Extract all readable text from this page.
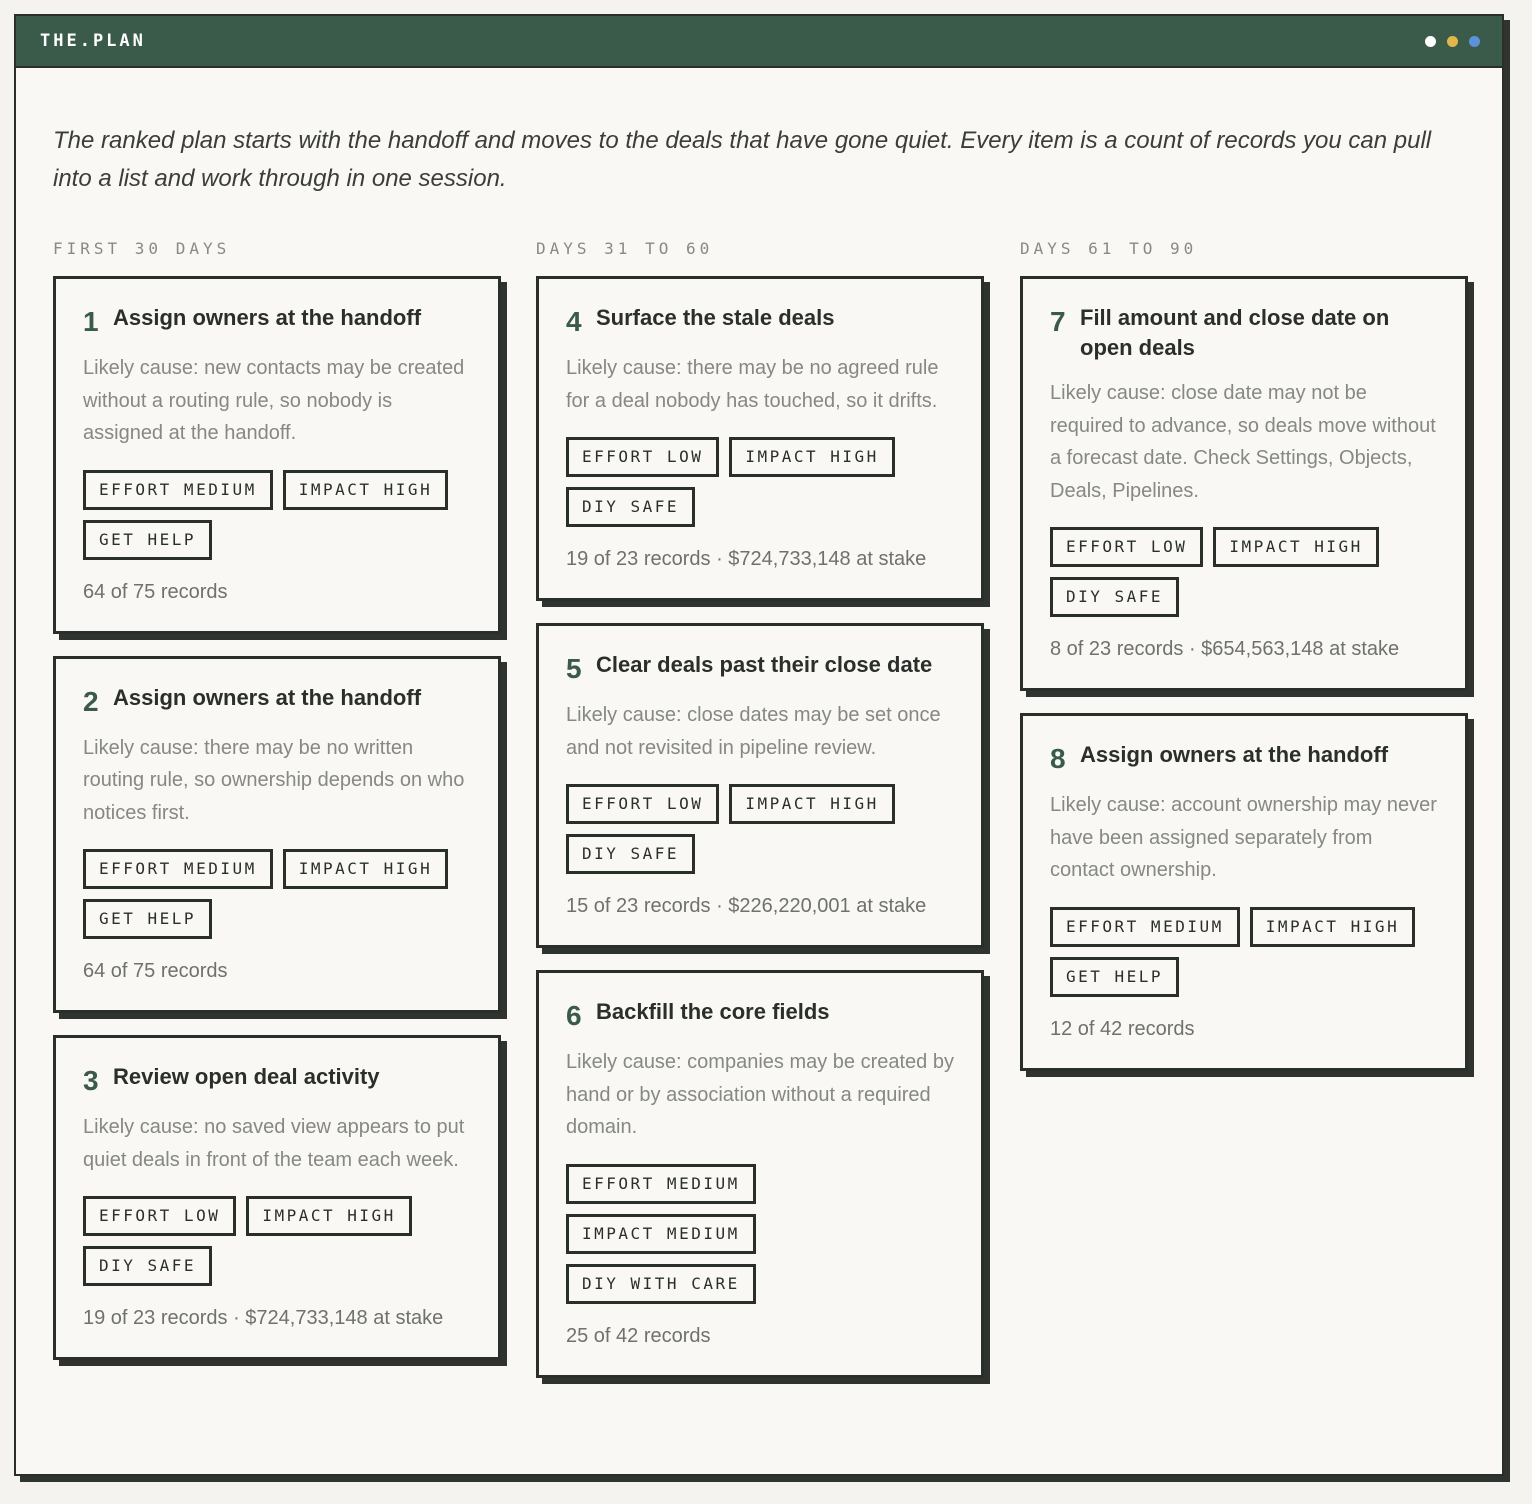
THE.PLAN
The ranked plan starts with the handoff and moves to the deals that have gone quiet. Every item is a count of records you can pull into a list and work through in one session.
FIRST 30 DAYS	DAYS 31 TO 60	DAYS 61 TO 90
1 Assign owners at the handoff
Likely cause: new contacts may be created without a routing rule, so nobody is assigned at the handoff.
EFFORT MEDIUM	IMPACT HIGH
GET HELP
64 of 75 records
2 Assign owners at the handoff
Likely cause: there may be no written routing rule, so ownership depends on who notices first.
EFFORT MEDIUM	IMPACT HIGH
GET HELP
64 of 75 records
3 Review open deal activity
Likely cause: no saved view appears to put quiet deals in front of the team each week.
EFFORT LOW	IMPACT HIGH
DIY SAFE
19 of 23 records · $724,733,148 at stake
4 Surface the stale deals
Likely cause: there may be no agreed rule for a deal nobody has touched, so it drifts.
EFFORT LOW	IMPACT HIGH
DIY SAFE
19 of 23 records · $724,733,148 at stake
5 Clear deals past their close date
Likely cause: close dates may be set once and not revisited in pipeline review.
EFFORT LOW	IMPACT HIGH
DIY SAFE
15 of 23 records · $226,220,001 at stake
6 Backfill the core fields
Likely cause: companies may be created by hand or by association without a required domain.
EFFORT MEDIUM
IMPACT MEDIUM
DIY WITH CARE
25 of 42 records
7 Fill amount and close date on open deals
Likely cause: close date may not be required to advance, so deals move without a forecast date. Check Settings, Objects, Deals, Pipelines.
EFFORT LOW	IMPACT HIGH
DIY SAFE
8 of 23 records · $654,563,148 at stake
8 Assign owners at the handoff
Likely cause: account ownership may never have been assigned separately from contact ownership.
EFFORT MEDIUM	IMPACT HIGH
GET HELP
12 of 42 records
